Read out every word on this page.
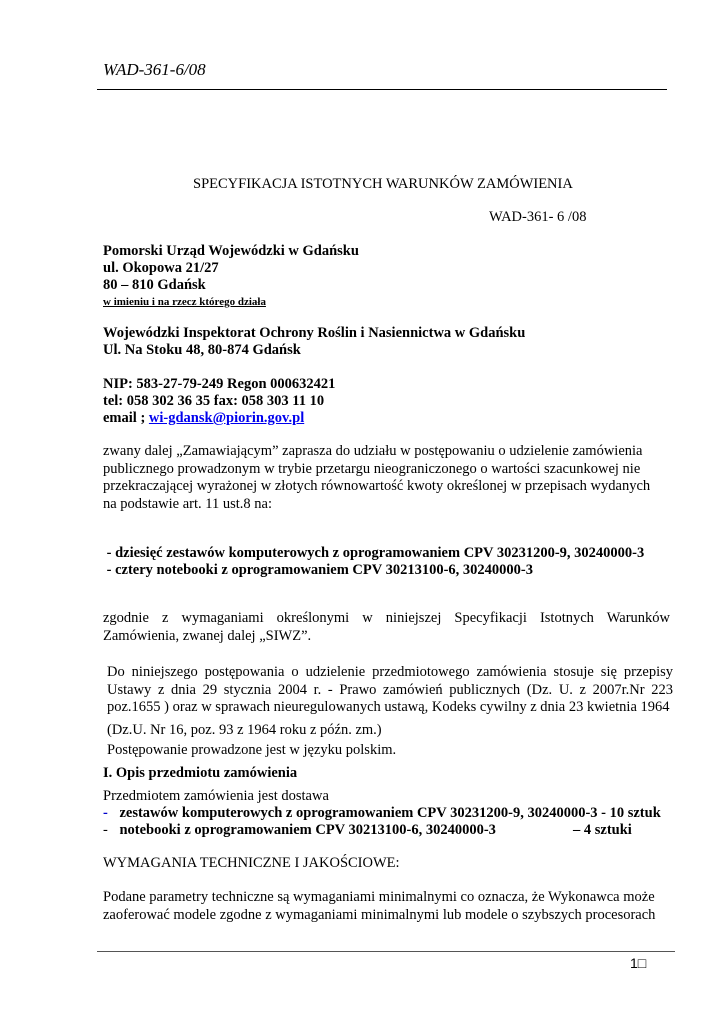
WAD-361-6/08
SPECYFIKACJA ISTOTNYCH WARUNKÓW ZAMÓWIENIA
WAD-361- 6 /08
Pomorski Urząd Wojewódzki w Gdańsku
ul. Okopowa 21/27
80 – 810 Gdańsk
w imieniu i na rzecz którego działa
Wojewódzki Inspektorat Ochrony Roślin i Nasiennictwa w Gdańsku
Ul. Na Stoku 48, 80-874 Gdańsk
NIP: 583-27-79-249 Regon 000632421
tel: 058 302 36 35 fax: 058 303 11 10
email ; wi-gdansk@piorin.gov.pl
zwany dalej „Zamawiającym” zaprasza do udziału w postępowaniu o udzielenie zamówienia
publicznego prowadzonym w trybie przetargu nieograniczonego o wartości szacunkowej nie
przekraczającej wyrażonej w złotych równowartość kwoty określonej w przepisach wydanych
na podstawie art. 11 ust.8 na:
- dziesięć zestawów komputerowych z oprogramowaniem CPV 30231200-9, 30240000-3
- cztery notebooki z oprogramowaniem CPV 30213100-6, 30240000-3
zgodnie z wymaganiami określonymi w niniejszej Specyfikacji Istotnych Warunków
Zamówienia, zwanej dalej „SIWZ”.
Do niniejszego postępowania o udzielenie przedmiotowego zamówienia stosuje się przepisy
Ustawy z dnia 29 stycznia 2004 r. - Prawo zamówień publicznych (Dz. U. z 2007r.Nr 223
poz.1655 ) oraz w sprawach nieuregulowanych ustawą, Kodeks cywilny z dnia 23 kwietnia 1964
(Dz.U. Nr 16, poz. 93 z 1964 roku z późn. zm.)
Postępowanie prowadzone jest w języku polskim.
I. Opis przedmiotu zamówienia
Przedmiotem zamówienia jest dostawa
- zestawów komputerowych z oprogramowaniem CPV 30231200-9, 30240000-3 - 10 sztuk
- notebooki z oprogramowaniem CPV 30213100-6, 30240000-3	– 4 sztuki
WYMAGANIA TECHNICZNE I JAKOŚCIOWE:
Podane parametry techniczne są wymaganiami minimalnymi co oznacza, że Wykonawca może
zaoferować modele zgodne z wymaganiami minimalnymi lub modele o szybszych procesorach
1□
